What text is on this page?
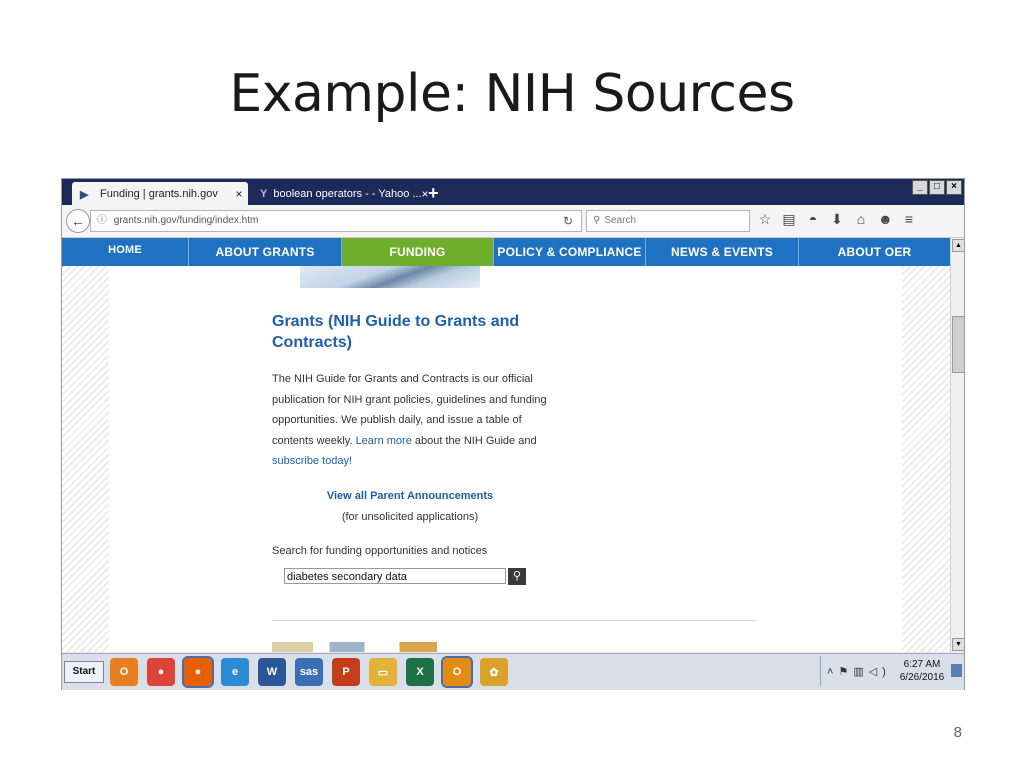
Example: NIH Sources
▶	Funding | grants.nih.gov	×	Y boolean operators - - Yahoo ... × +	_	□	×
←	ⓘ grants.nih.gov/funding/index.htm	↻	⚲ Search	☆ ▤ ◓ ⬇ ⌂ ☻ ≡
HOME	ABOUT GRANTS	FUNDING	POLICY & COMPLIANCE	NEWS & EVENTS	ABOUT OER
Grants (NIH Guide to Grants and Contracts)
The NIH Guide for Grants and Contracts is our official publication for NIH grant policies, guidelines and funding opportunities. We publish daily, and issue a table of contents weekly. Learn more about the NIH Guide and subscribe today!
View all Parent Announcements
(for unsolicited applications)
Search for funding opportunities and notices
diabetes secondary data	⚲
▲
▼
Start	O	●	●	e	W	sas	P	▭	X	O	✿	˄⚑▥◁)
6:27 AM
6/26/2016
8
